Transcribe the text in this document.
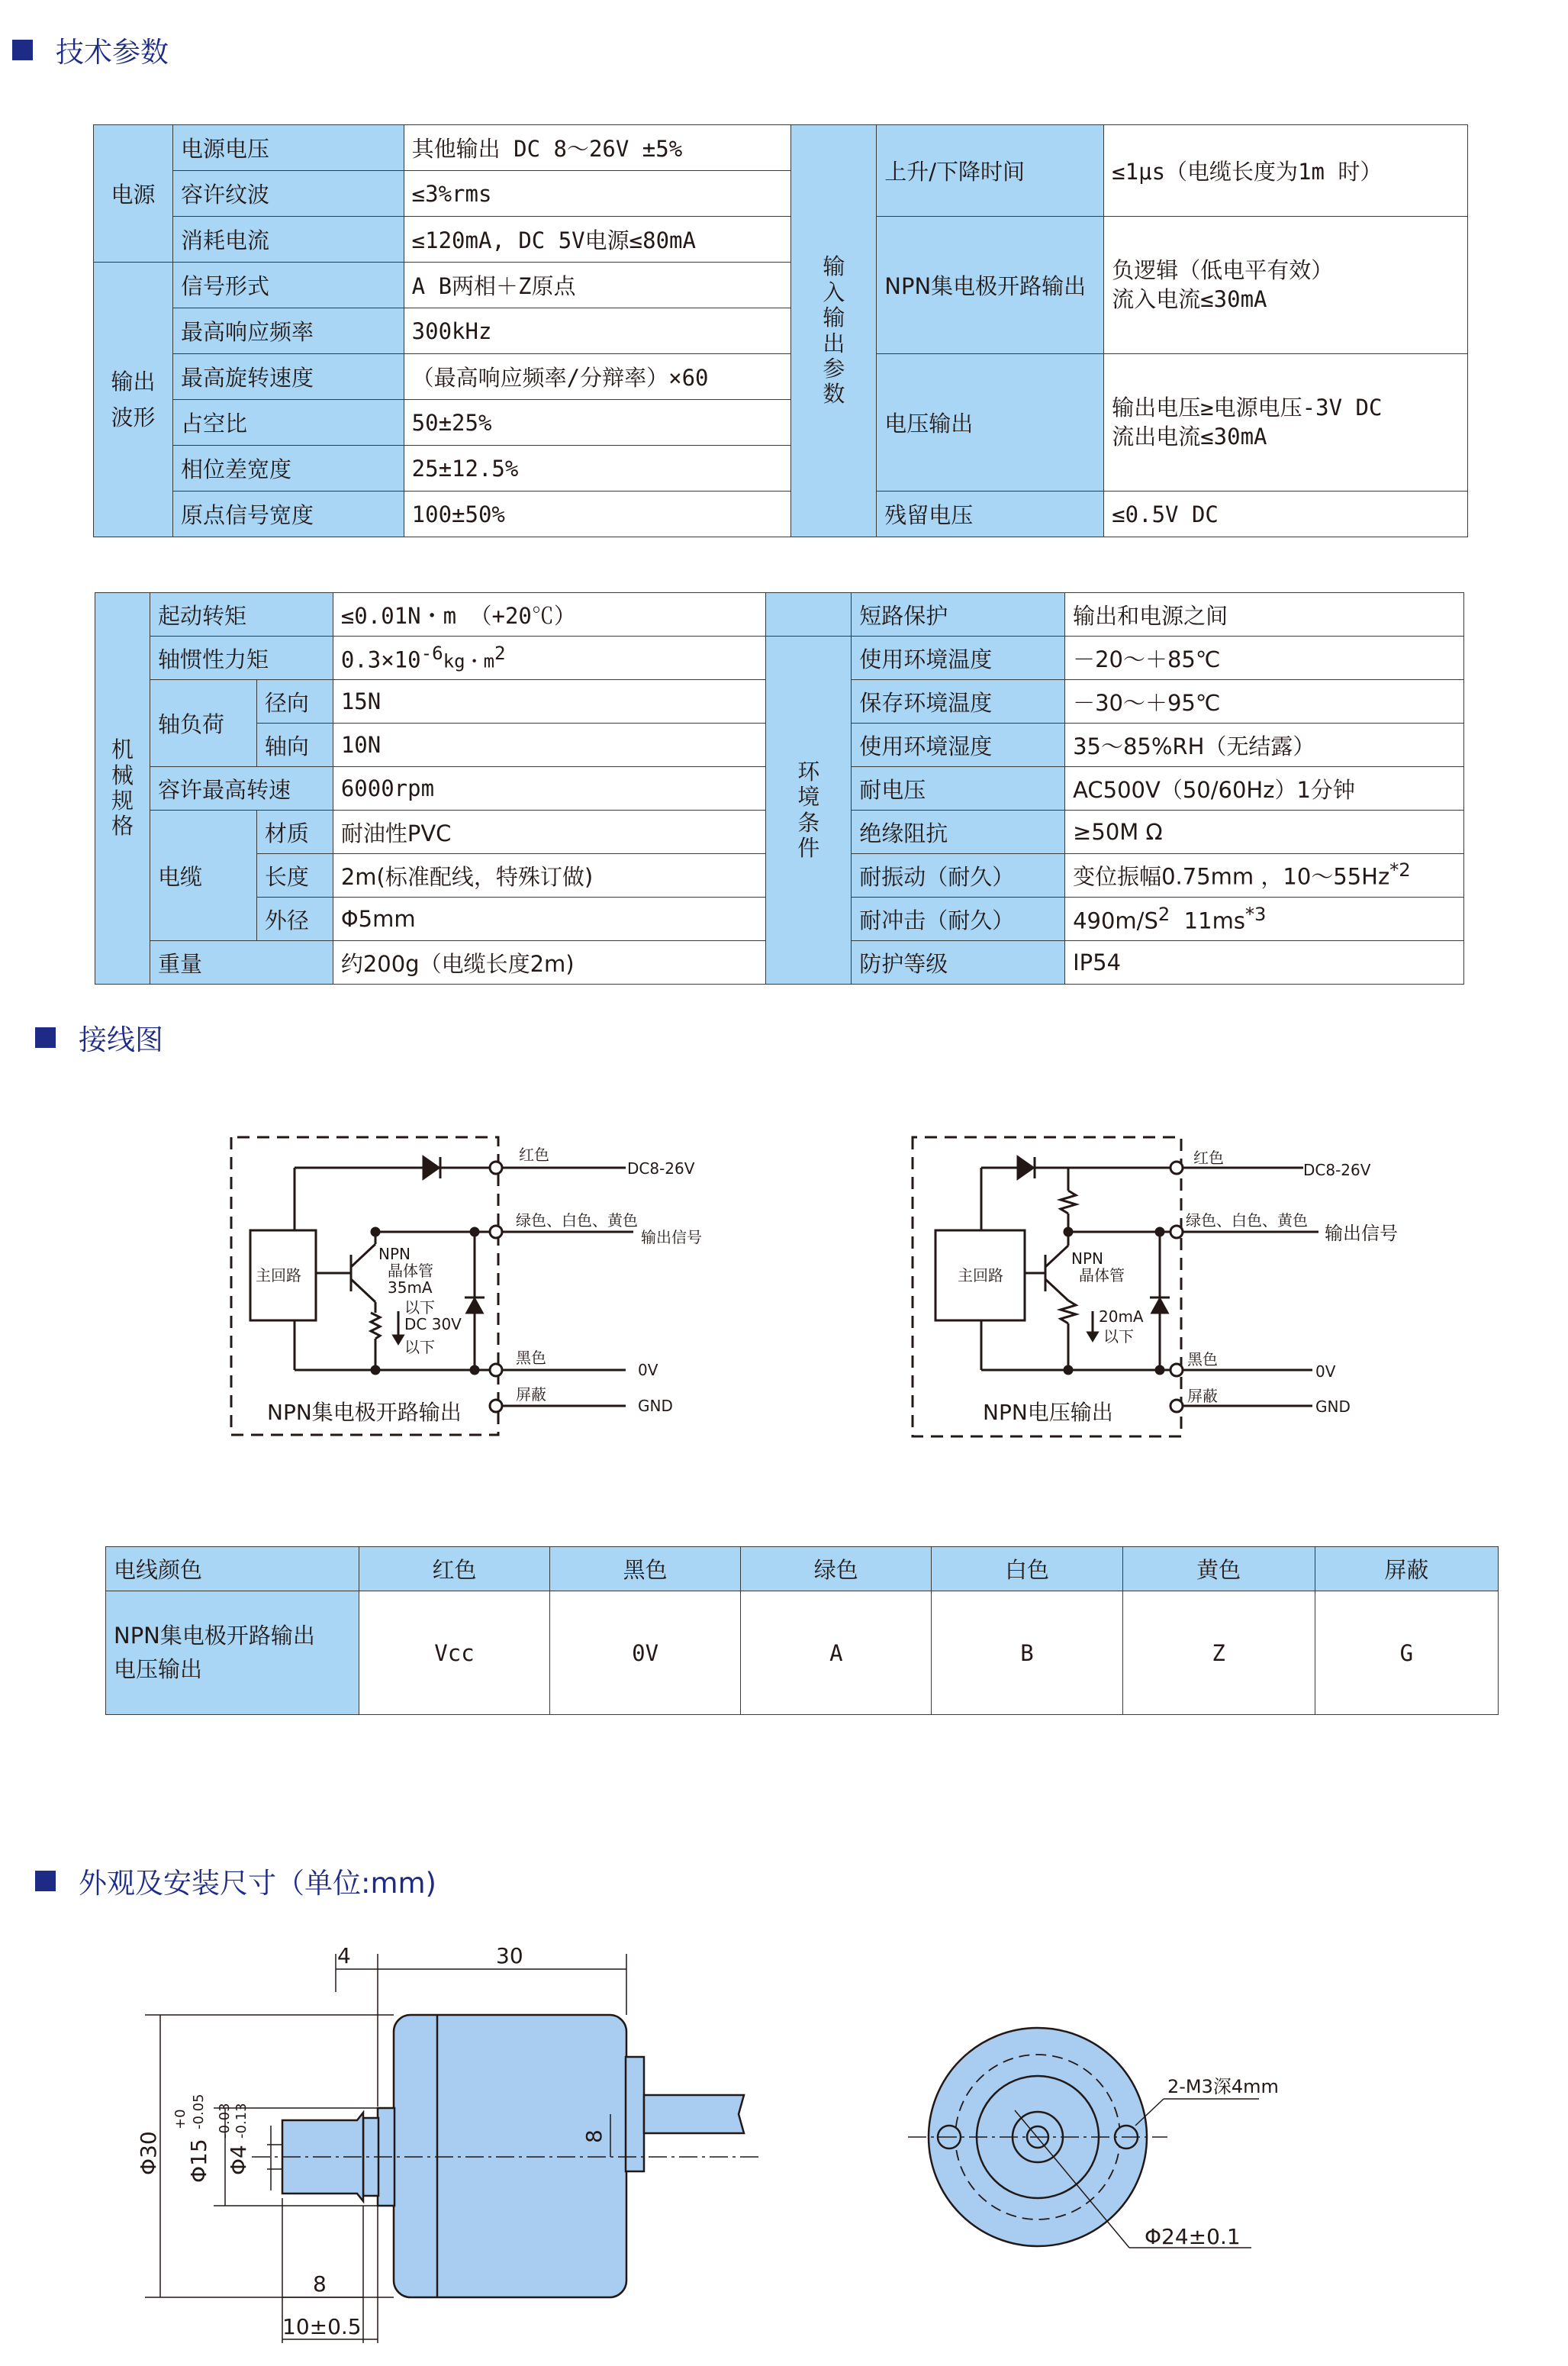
技术参数
电源	电源电压	其他输出 DC 8～26V ±5%	输入输出参数	上升/下降时间	≤1μs（电缆长度为1m 时）
	容许纹波	≤3%rms			
	消耗电流	≤120mA, DC 5V电源≤80mA		NPN集电极开路输出	负逻辑（低电平有效）
流入电流≤30mA
输出
波形	信号形式	A B两相＋Z原点			
	最高响应频率	300kHz			
	最高旋转速度	（最高响应频率/分辩率）×60		电压输出	输出电压≥电源电压-3V DC
流出电流≤30mA
	占空比	50±25%			
	相位差宽度	25±12.5%			
	原点信号宽度	100±50%		残留电压	≤0.5V DC
机械规格	起动转矩		≤0.01N・m （+20℃）		短路保护	输出和电源之间
	轴惯性力矩		$0.3\times 10^{-6}kg$・$m^2$	环境条件	使用环境温度	－20～＋85℃
	轴负荷	径向	15N		保存环境温度	－30～＋95℃
		轴向	10N		使用环境湿度	35～85%RH（无结露）
	容许最高转速		6000rpm		耐电压	AC500V（50/60Hz）1分钟
	电缆	材质	耐油性PVC		绝缘阻抗	≥50M Ω
		长度	2m(标准配线，特殊订做)		耐振动（耐久）	变位振幅0.75mm ，10～55Hz$^{*2}$
		外径	Φ5mm		耐冲击（耐久）	$490m/S^2$  $11ms^{*3}$
	重量		约200g（电缆长度2m)		防护等级	IP54
接线图
主回路
NPN
晶体管
35mA
以下
DC 30V
以下
红色
DC8-26V
绿色、白色、黄色
输出信号
黑色
0V
屏蔽
GND
NPN集电极开路输出
主回路
NPN
晶体管
20mA
以下
红色
DC8-26V
绿色、白色、黄色
输出信号
黑色
0V
屏蔽
GND
NPN电压输出
电线颜色	红色	黑色	绿色	白色	黄色	屏蔽
NPN集电极开路输出
电压输出	Vcc	0V	A	B	Z	G
外观及安装尺寸（单位:mm)
4	30
8
10±0.5
Φ30 Φ15
+0 -0.05
Φ4
-0.03 -0.13	8
2-M3深4mm
Φ24±0.1
